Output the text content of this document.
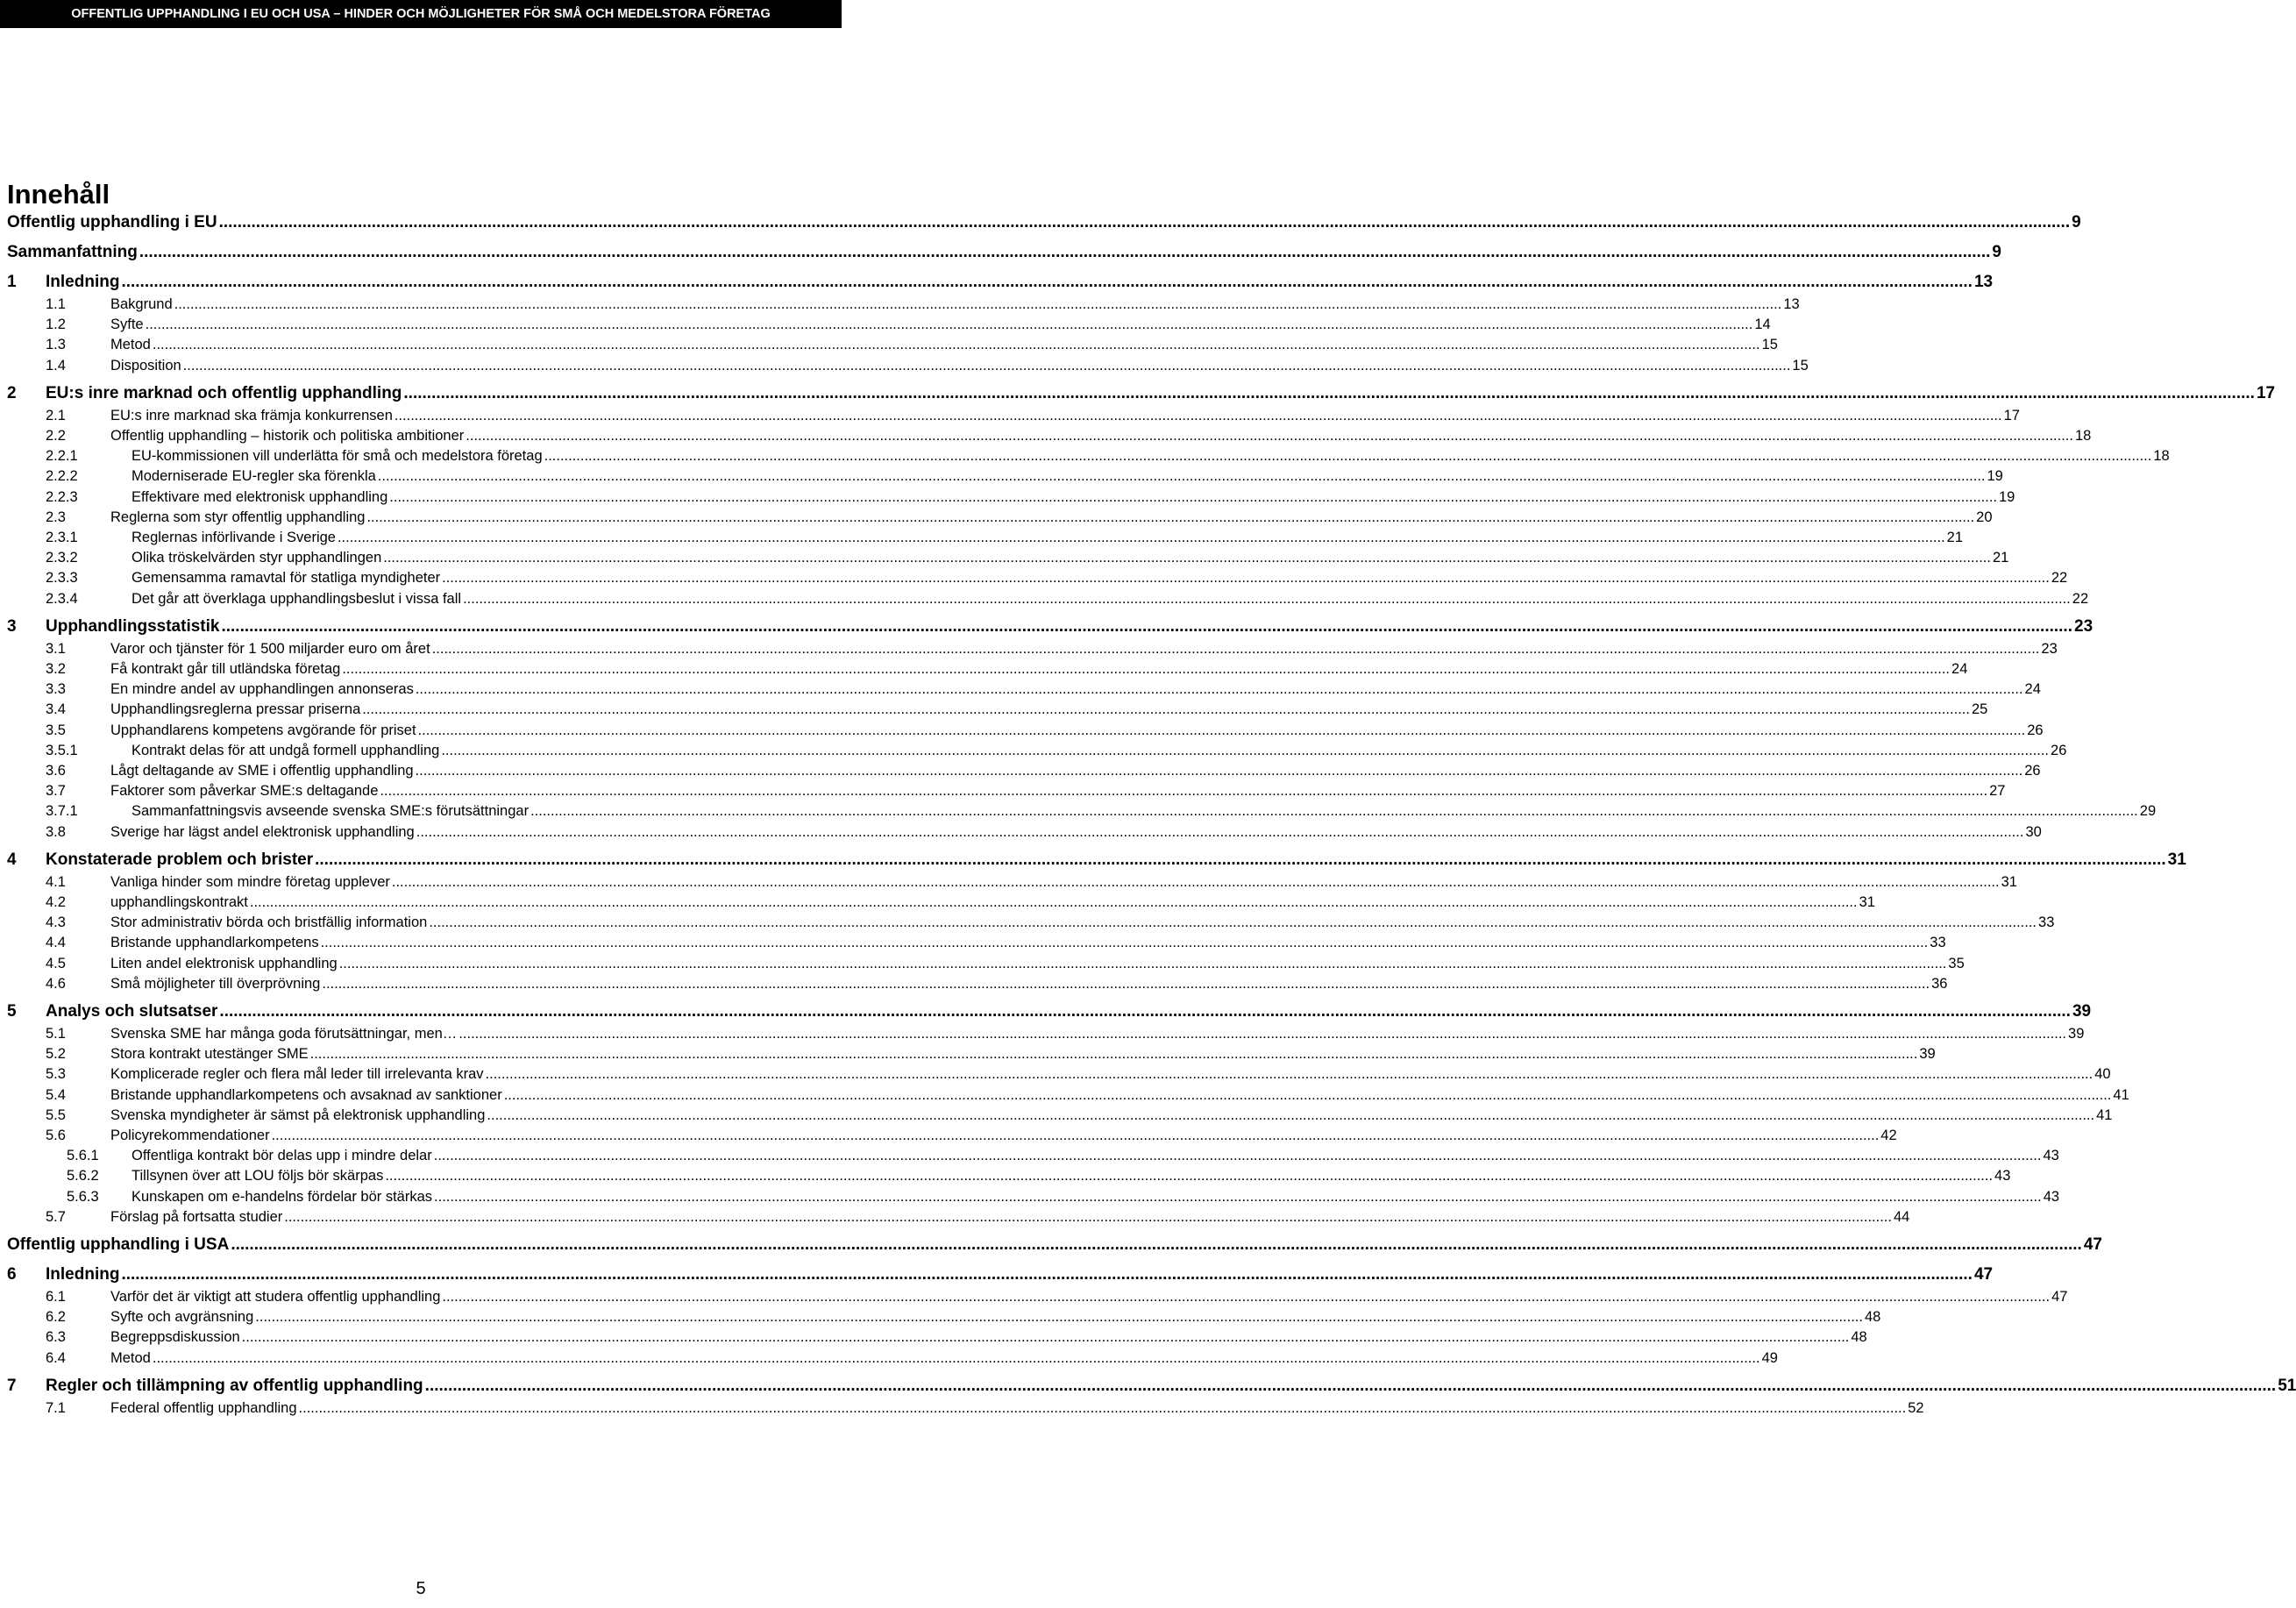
OFFENTLIG UPPHANDLING I EU OCH USA – HINDER OCH MÖJLIGHETER FÖR SMÅ OCH MEDELSTORA FÖRETAG
Innehåll
Offentlig upphandling i EU ................................................................................................................................................................................................................................................................................................................................................................................................................ 9
Sammanfattning ................................................................................................................................................................................................................................................................................................................................................................................................................ 9
1	Inledning ................................................................................................................................................................................................................................................................................................................................................................................................................ 13
1.1	Bakgrund ................................................................................................................................................................................................................................................................................................................................................................................................................ 13
1.2	Syfte ................................................................................................................................................................................................................................................................................................................................................................................................................ 14
1.3	Metod ................................................................................................................................................................................................................................................................................................................................................................................................................ 15
1.4	Disposition ................................................................................................................................................................................................................................................................................................................................................................................................................ 15
2	EU:s inre marknad och offentlig upphandling ................................................................................................................................................................................................................................................................................................................................................................................................................ 17
2.1	EU:s inre marknad ska främja konkurrensen ................................................................................................................................................................................................................................................................................................................................................................................................................ 17
2.2	Offentlig upphandling – historik och politiska ambitioner ................................................................................................................................................................................................................................................................................................................................................................................................................ 18
2.2.1	EU-kommissionen vill underlätta för små och medelstora företag ................................................................................................................................................................................................................................................................................................................................................................................................................ 18
2.2.2	Moderniserade EU-regler ska förenkla ................................................................................................................................................................................................................................................................................................................................................................................................................ 19
2.2.3	Effektivare med elektronisk upphandling ................................................................................................................................................................................................................................................................................................................................................................................................................ 19
2.3	Reglerna som styr offentlig upphandling ................................................................................................................................................................................................................................................................................................................................................................................................................ 20
2.3.1	Reglernas införlivande i Sverige ................................................................................................................................................................................................................................................................................................................................................................................................................ 21
2.3.2	Olika tröskelvärden styr upphandlingen ................................................................................................................................................................................................................................................................................................................................................................................................................ 21
2.3.3	Gemensamma ramavtal för statliga myndigheter ................................................................................................................................................................................................................................................................................................................................................................................................................ 22
2.3.4	Det går att överklaga upphandlingsbeslut i vissa fall ................................................................................................................................................................................................................................................................................................................................................................................................................ 22
3	Upphandlingsstatistik ................................................................................................................................................................................................................................................................................................................................................................................................................ 23
3.1	Varor och tjänster för 1 500 miljarder euro om året ................................................................................................................................................................................................................................................................................................................................................................................................................ 23
3.2	Få kontrakt går till utländska företag ................................................................................................................................................................................................................................................................................................................................................................................................................ 24
3.3	En mindre andel av upphandlingen annonseras ................................................................................................................................................................................................................................................................................................................................................................................................................ 24
3.4	Upphandlingsreglerna pressar priserna ................................................................................................................................................................................................................................................................................................................................................................................................................ 25
3.5	Upphandlarens kompetens avgörande för priset ................................................................................................................................................................................................................................................................................................................................................................................................................ 26
3.5.1	Kontrakt delas för att undgå formell upphandling ................................................................................................................................................................................................................................................................................................................................................................................................................ 26
3.6	Lågt deltagande av SME i offentlig upphandling ................................................................................................................................................................................................................................................................................................................................................................................................................ 26
3.7	Faktorer som påverkar SME:s deltagande ................................................................................................................................................................................................................................................................................................................................................................................................................ 27
3.7.1	Sammanfattningsvis avseende svenska SME:s förutsättningar ................................................................................................................................................................................................................................................................................................................................................................................................................ 29
3.8	Sverige har lägst andel elektronisk upphandling ................................................................................................................................................................................................................................................................................................................................................................................................................ 30
4	Konstaterade problem och brister ................................................................................................................................................................................................................................................................................................................................................................................................................ 31
4.1	Vanliga hinder som mindre företag upplever ................................................................................................................................................................................................................................................................................................................................................................................................................ 31
4.2	upphandlingskontrakt ................................................................................................................................................................................................................................................................................................................................................................................................................ 31
4.3	Stor administrativ börda och bristfällig information ................................................................................................................................................................................................................................................................................................................................................................................................................ 33
4.4	Bristande upphandlarkompetens ................................................................................................................................................................................................................................................................................................................................................................................................................ 33
4.5	Liten andel elektronisk upphandling ................................................................................................................................................................................................................................................................................................................................................................................................................ 35
4.6	Små möjligheter till överprövning ................................................................................................................................................................................................................................................................................................................................................................................................................ 36
5	Analys och slutsatser ................................................................................................................................................................................................................................................................................................................................................................................................................ 39
5.1	Svenska SME har många goda förutsättningar, men… ................................................................................................................................................................................................................................................................................................................................................................................................................ 39
5.2	Stora kontrakt utestänger SME ................................................................................................................................................................................................................................................................................................................................................................................................................ 39
5.3	Komplicerade regler och flera mål leder till irrelevanta krav ................................................................................................................................................................................................................................................................................................................................................................................................................ 40
5.4	Bristande upphandlarkompetens och avsaknad av sanktioner ................................................................................................................................................................................................................................................................................................................................................................................................................ 41
5.5	Svenska myndigheter är sämst på elektronisk upphandling ................................................................................................................................................................................................................................................................................................................................................................................................................ 41
5.6	Policyrekommendationer ................................................................................................................................................................................................................................................................................................................................................................................................................ 42
5.6.1	Offentliga kontrakt bör delas upp i mindre delar ................................................................................................................................................................................................................................................................................................................................................................................................................ 43
5.6.2	Tillsynen över att LOU följs bör skärpas ................................................................................................................................................................................................................................................................................................................................................................................................................ 43
5.6.3	Kunskapen om e-handelns fördelar bör stärkas ................................................................................................................................................................................................................................................................................................................................................................................................................ 43
5.7	Förslag på fortsatta studier ................................................................................................................................................................................................................................................................................................................................................................................................................ 44
Offentlig upphandling i USA ................................................................................................................................................................................................................................................................................................................................................................................................................ 47
6	Inledning ................................................................................................................................................................................................................................................................................................................................................................................................................ 47
6.1	Varför det är viktigt att studera offentlig upphandling ................................................................................................................................................................................................................................................................................................................................................................................................................ 47
6.2	Syfte och avgränsning ................................................................................................................................................................................................................................................................................................................................................................................................................ 48
6.3	Begreppsdiskussion ................................................................................................................................................................................................................................................................................................................................................................................................................ 48
6.4	Metod ................................................................................................................................................................................................................................................................................................................................................................................................................ 49
7	Regler och tillämpning av offentlig upphandling ................................................................................................................................................................................................................................................................................................................................................................................................................ 51
7.1	Federal offentlig upphandling ................................................................................................................................................................................................................................................................................................................................................................................................................ 52
5
